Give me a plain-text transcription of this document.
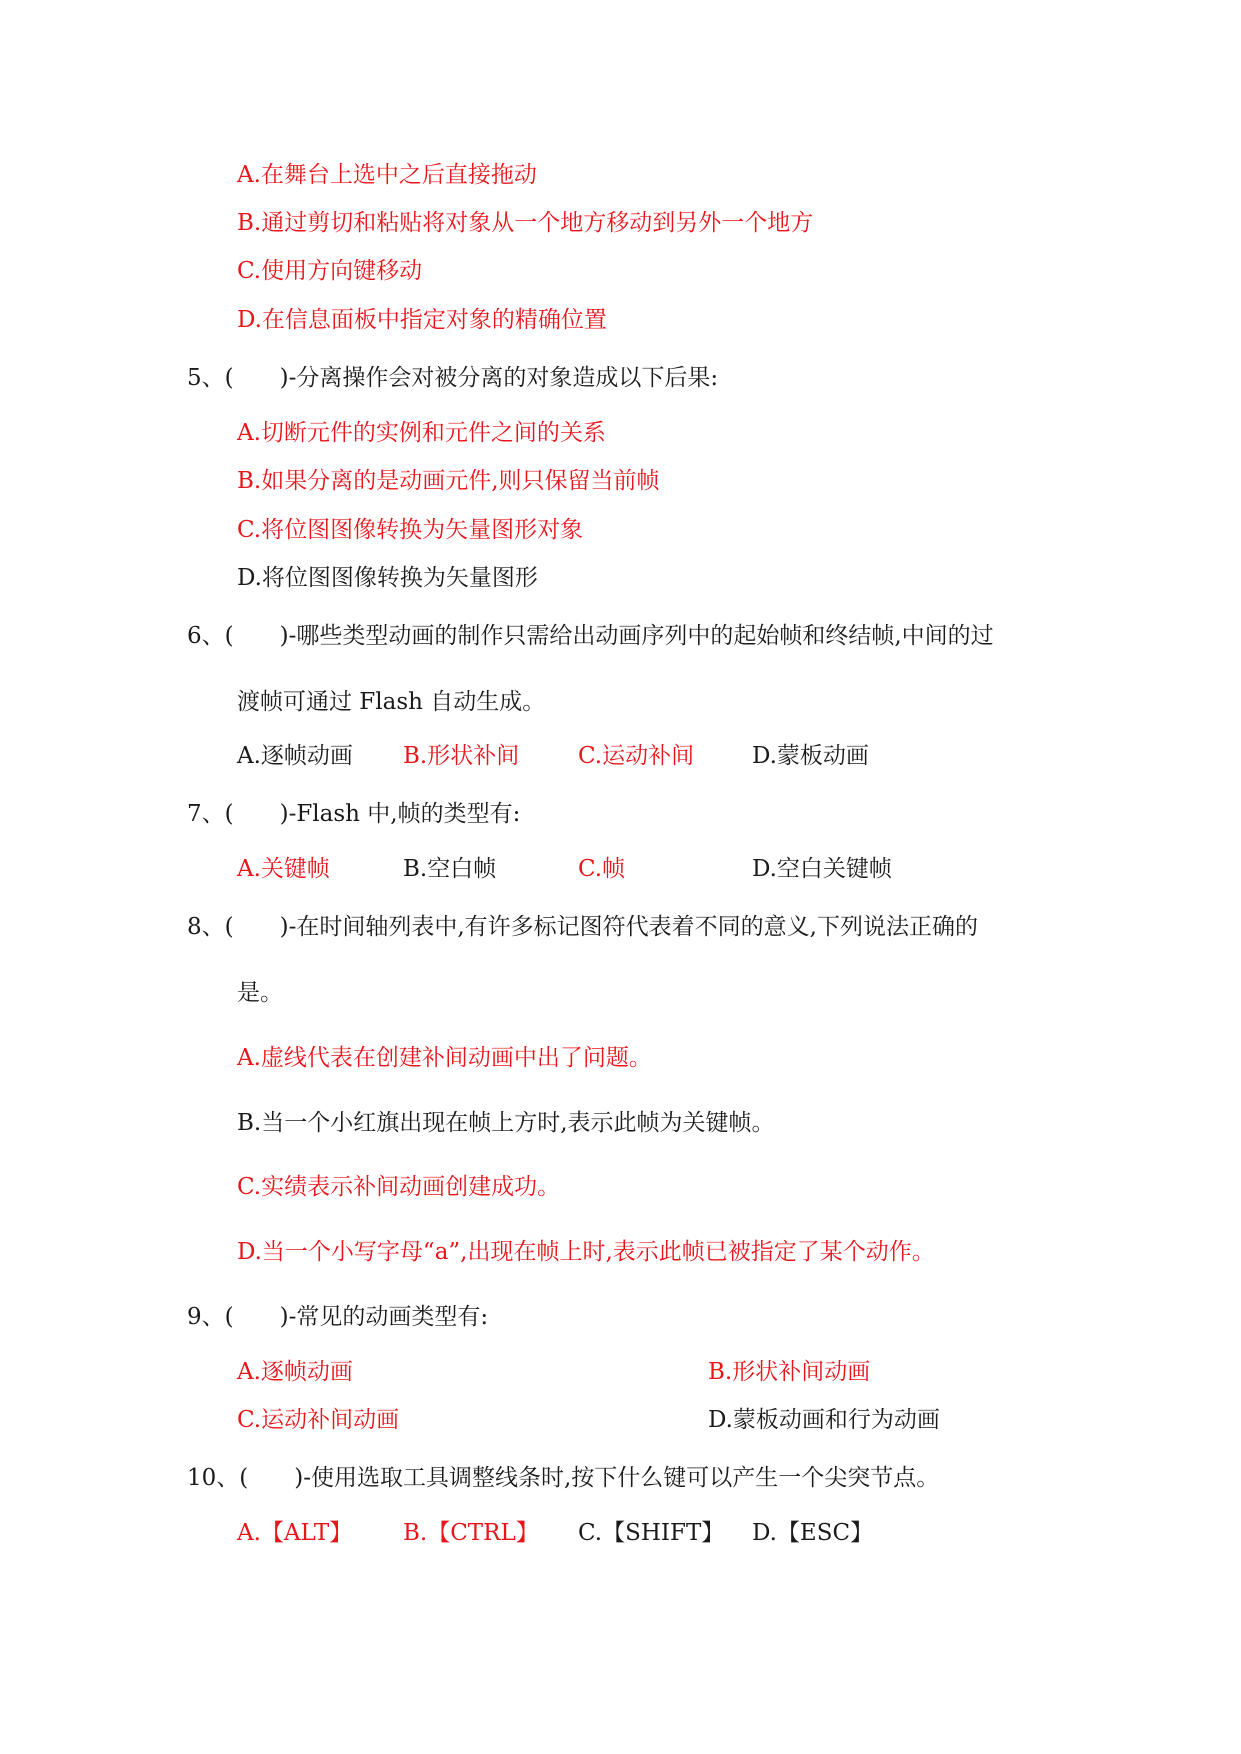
A.在舞台上选中之后直接拖动
B.通过剪切和粘贴将对象从一个地方移动到另外一个地方
C.使用方向键移动
D.在信息面板中指定对象的精确位置
5、(　　)-分离操作会对被分离的对象造成以下后果:
A.切断元件的实例和元件之间的关系
B.如果分离的是动画元件,则只保留当前帧
C.将位图图像转换为矢量图形对象
D.将位图图像转换为矢量图形
6、(　　)-哪些类型动画的制作只需给出动画序列中的起始帧和终结帧,中间的过
渡帧可通过 Flash 自动生成。
A.逐帧动画 B.形状补间	C.运动补间	D.蒙板动画
7、(　　)-Flash 中,帧的类型有:
A.关键帧	B.空白帧	C.帧	D.空白关键帧
8、(　　)-在时间轴列表中,有许多标记图符代表着不同的意义,下列说法正确的
是。
A.虚线代表在创建补间动画中出了问题。
B.当一个小红旗出现在帧上方时,表示此帧为关键帧。
C.实绩表示补间动画创建成功。
D.当一个小写字母“a”,出现在帧上时,表示此帧已被指定了某个动作。
9、(　　)-常见的动画类型有:
A.逐帧动画	B.形状补间动画
C.运动补间动画	D.蒙板动画和行为动画
10、(　　)-使用选取工具调整线条时,按下什么键可以产生一个尖突节点。
A.【ALT】 B.【CTRL】 C.【SHIFT】 D.【ESC】
